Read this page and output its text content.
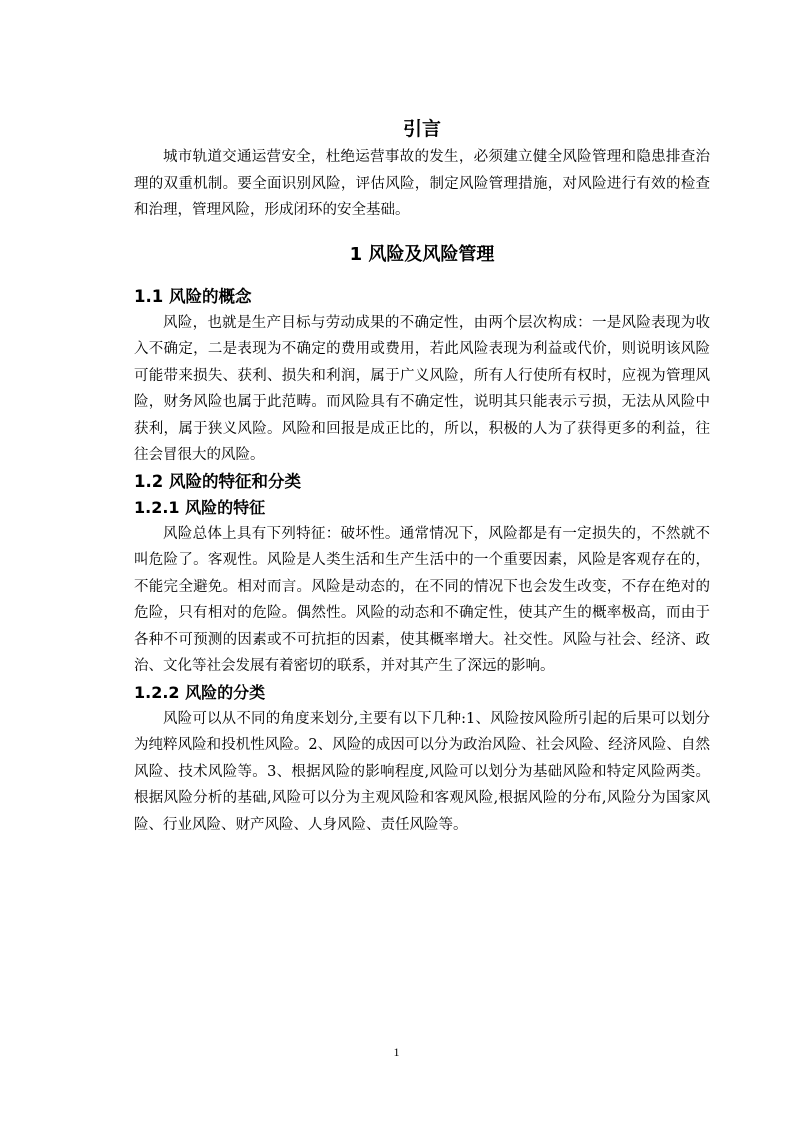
引言

城市轨道交通运营安全，杜绝运营事故的发生，必须建立健全风险管理和隐患排查治理的双重机制。要全面识别风险，评估风险，制定风险管理措施，对风险进行有效的检查和治理，管理风险，形成闭环的安全基础。

1 风险及风险管理
1.1 风险的概念

风险，也就是生产目标与劳动成果的不确定性，由两个层次构成：一是风险表现为收入不确定，二是表现为不确定的费用或费用，若此风险表现为利益或代价，则说明该风险可能带来损失、获利、损失和利润，属于广义风险，所有人行使所有权时，应视为管理风险，财务风险也属于此范畴。而风险具有不确定性，说明其只能表示亏损，无法从风险中获利，属于狭义风险。风险和回报是成正比的，所以，积极的人为了获得更多的利益，往往会冒很大的风险。

1.2 风险的特征和分类
1.2.1 风险的特征

风险总体上具有下列特征：破坏性。通常情况下，风险都是有一定损失的，不然就不叫危险了。客观性。风险是人类生活和生产生活中的一个重要因素，风险是客观存在的，不能完全避免。相对而言。风险是动态的，在不同的情况下也会发生改变，不存在绝对的危险，只有相对的危险。偶然性。风险的动态和不确定性，使其产生的概率极高，而由于各种不可预测的因素或不可抗拒的因素，使其概率增大。社交性。风险与社会、经济、政治、文化等社会发展有着密切的联系，并对其产生了深远的影响。

1.2.2 风险的分类

风险可以从不同的角度来划分,主要有以下几种:1、风险按风险所引起的后果可以划分为纯粹风险和投机性风险。2、风险的成因可以分为政治风险、社会风险、经济风险、自然风险、技术风险等。3、根据风险的影响程度,风险可以划分为基础风险和特定风险两类。根据风险分析的基础,风险可以分为主观风险和客观风险,根据风险的分布,风险分为国家风险、行业风险、财产风险、人身风险、责任风险等。

1
